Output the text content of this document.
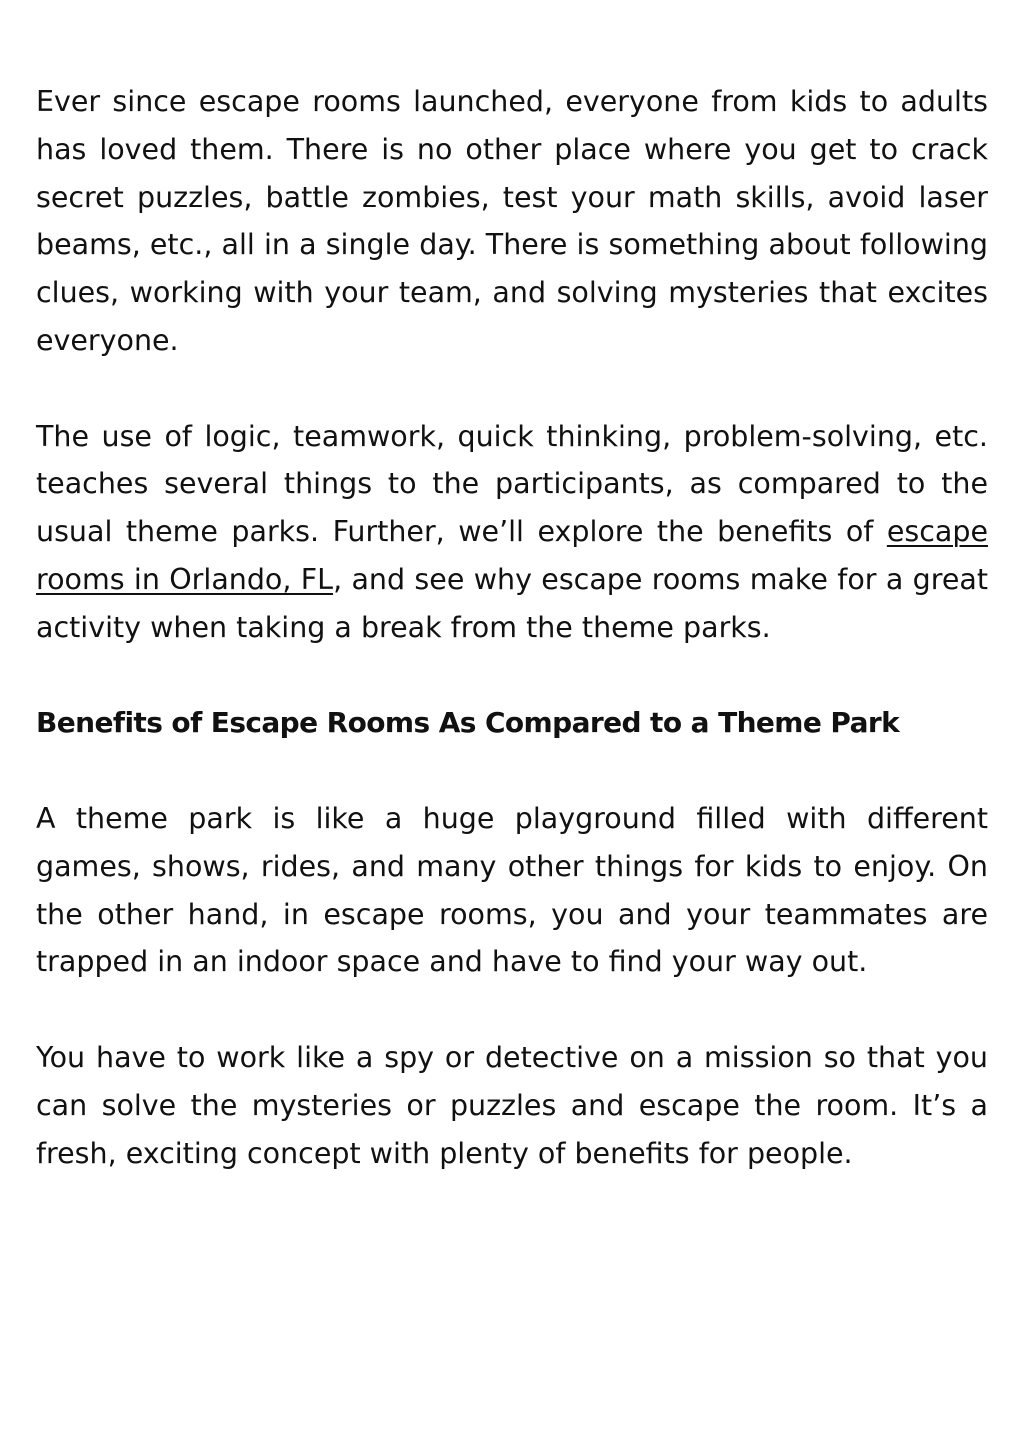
Ever since escape rooms launched, everyone from kids to adults has loved them. There is no other place where you get to crack secret puzzles, battle zombies, test your math skills, avoid laser beams, etc., all in a single day. There is something about following clues, working with your team, and solving mysteries that excites everyone.

The use of logic, teamwork, quick thinking, problem-solving, etc. teaches several things to the participants, as compared to the usual theme parks. Further, we’ll explore the benefits of escape rooms in Orlando, FL, and see why escape rooms make for a great activity when taking a break from the theme parks.

Benefits of Escape Rooms As Compared to a Theme Park

A theme park is like a huge playground filled with different games, shows, rides, and many other things for kids to enjoy. On the other hand, in escape rooms, you and your teammates are trapped in an indoor space and have to find your way out.

You have to work like a spy or detective on a mission so that you can solve the mysteries or puzzles and escape the room. It’s a fresh, exciting concept with plenty of benefits for people.
